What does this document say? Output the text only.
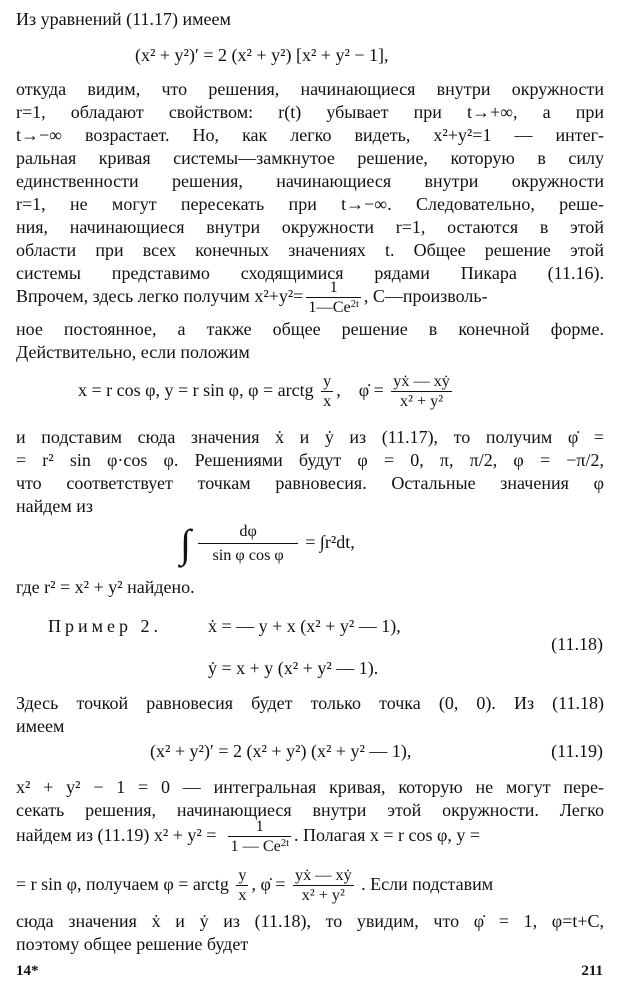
Из уравнений (11.17) имеем
(x² + y²)′ = 2 (x² + y²) [x² + y² − 1],
откуда видим, что решения, начинающиеся внутри окружности
r=1, обладают свойством: r(t) убывает при t→+∞, а при
t→−∞ возрастает. Но, как легко видеть, x²+y²=1 — интег-
ральная кривая системы—замкнутое решение, которую в силу
единственности решения, начинающиеся внутри окружности
r=1, не могут пересекать при t→−∞. Следовательно, реше-
ния, начинающиеся внутри окружности r=1, остаются в этой
области при всех конечных значениях t. Общее решение этой
системы представимо сходящимися рядами Пикара (11.16).
Впрочем, здесь легко получим $x^2+y^2= \frac{1}{1—Ce^{2t}}$ , C—произволь-
ное постоянное, а также общее решение в конечной форме.
Действительно, если положим
x = r cos φ, y = r sin φ, φ = arctg $\frac{y}{x}$ ,    φ̇ = $\frac{\text{yẋ — xẏ}}{\text{x² + y²}}$
и подставим сюда значения ẋ и ẏ из (11.17), то получим φ̇ =
= r² sin φ·cos φ. Решениями будут φ = 0, π, π/2, φ = −π/2,
что соответствует точкам равновесия. Остальные значения φ
найдем из
∫ $\frac{d\varphi}{\text{sin φ cos φ}} = \int r^2dt$,
где r² = x² + y² найдено.
Пример 2.	ẋ = — y + x (x² + y² — 1),
(11.18)
ẏ = x + y (x² + y² — 1).
Здесь точкой равновесия будет только точка (0, 0). Из (11.18)
имеем
(x² + y²)′ = 2 (x² + y²) (x² + y² — 1),	(11.19)
x² + y² − 1 = 0 — интегральная кривая, которую не могут пере-
секать решения, начинающиеся внутри этой окружности. Легко
найдем из (11.19) $x^2 + y^2 = \frac{1}{1 — Ce^{2t}}$ . Полагая x = r cos φ, y =
= r sin φ, получаем φ = arctg $\frac{y}{x}$ , φ̇ = $\frac{\text{yẋ — xẏ}}{\text{x² + y²}}$ . Если подставим
сюда значения ẋ и ẏ из (11.18), то увидим, что φ̇ = 1, φ=t+C,
поэтому общее решение будет
14*	211
